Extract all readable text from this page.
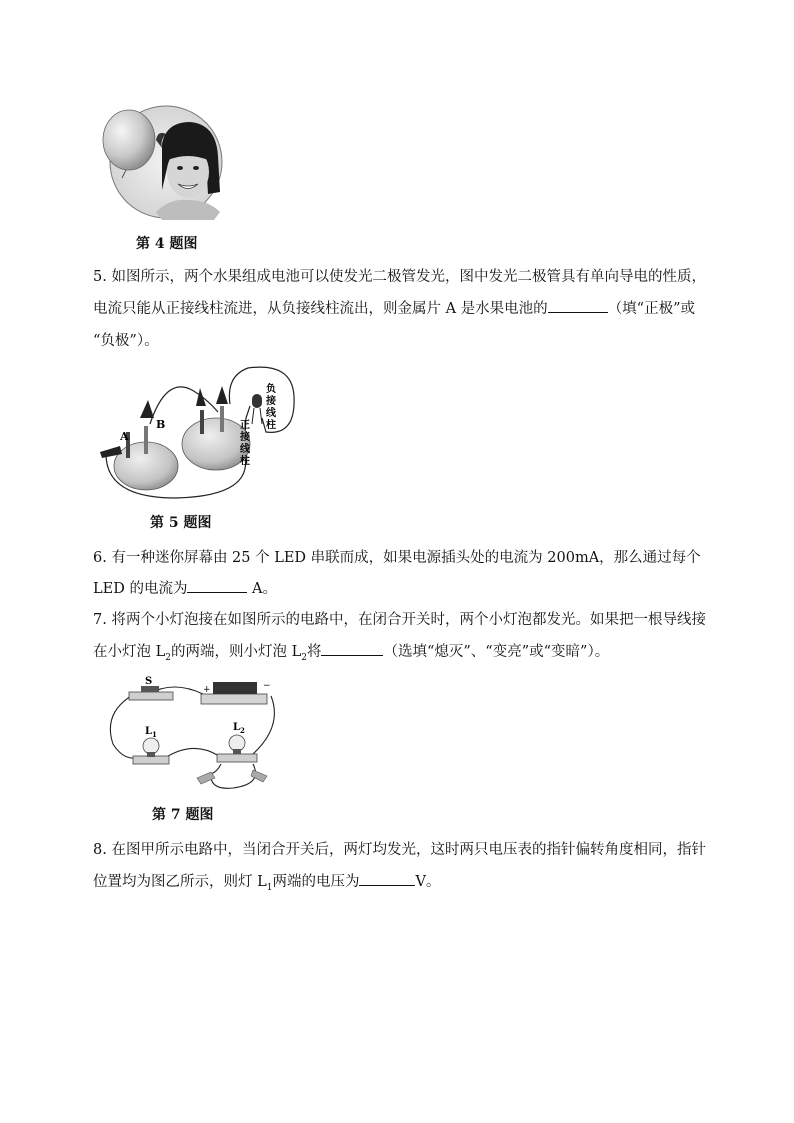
第 4 题图
5. 如图所示，两个水果组成电池可以使发光二极管发光，图中发光二极管具有单向导电的性质，
电流只能从正接线柱流进，从负接线柱流出，则金属片 A 是水果电池的	（填“正极”或
“负极”）。
A
B	正
接
线
柱
负
接
线
柱
第 5 题图
6. 有一种迷你屏幕由 25 个 LED 串联而成，如果电源插头处的电流为 200mA，那么通过每个
LED 的电流为	A。
7. 将两个小灯泡接在如图所示的电路中，在闭合开关时，两个小灯泡都发光。如果把一根导线接
在小灯泡 $L_2$的两端，则小灯泡 $L_2$将	（选填“熄灭”、“变亮”或“变暗”）。
S
+	−
$L_1$
$L_2$
第 7 题图
8. 在图甲所示电路中，当闭合开关后，两灯均发光，这时两只电压表的指针偏转角度相同，指针
位置均为图乙所示，则灯 $L_1$两端的电压为	V。
